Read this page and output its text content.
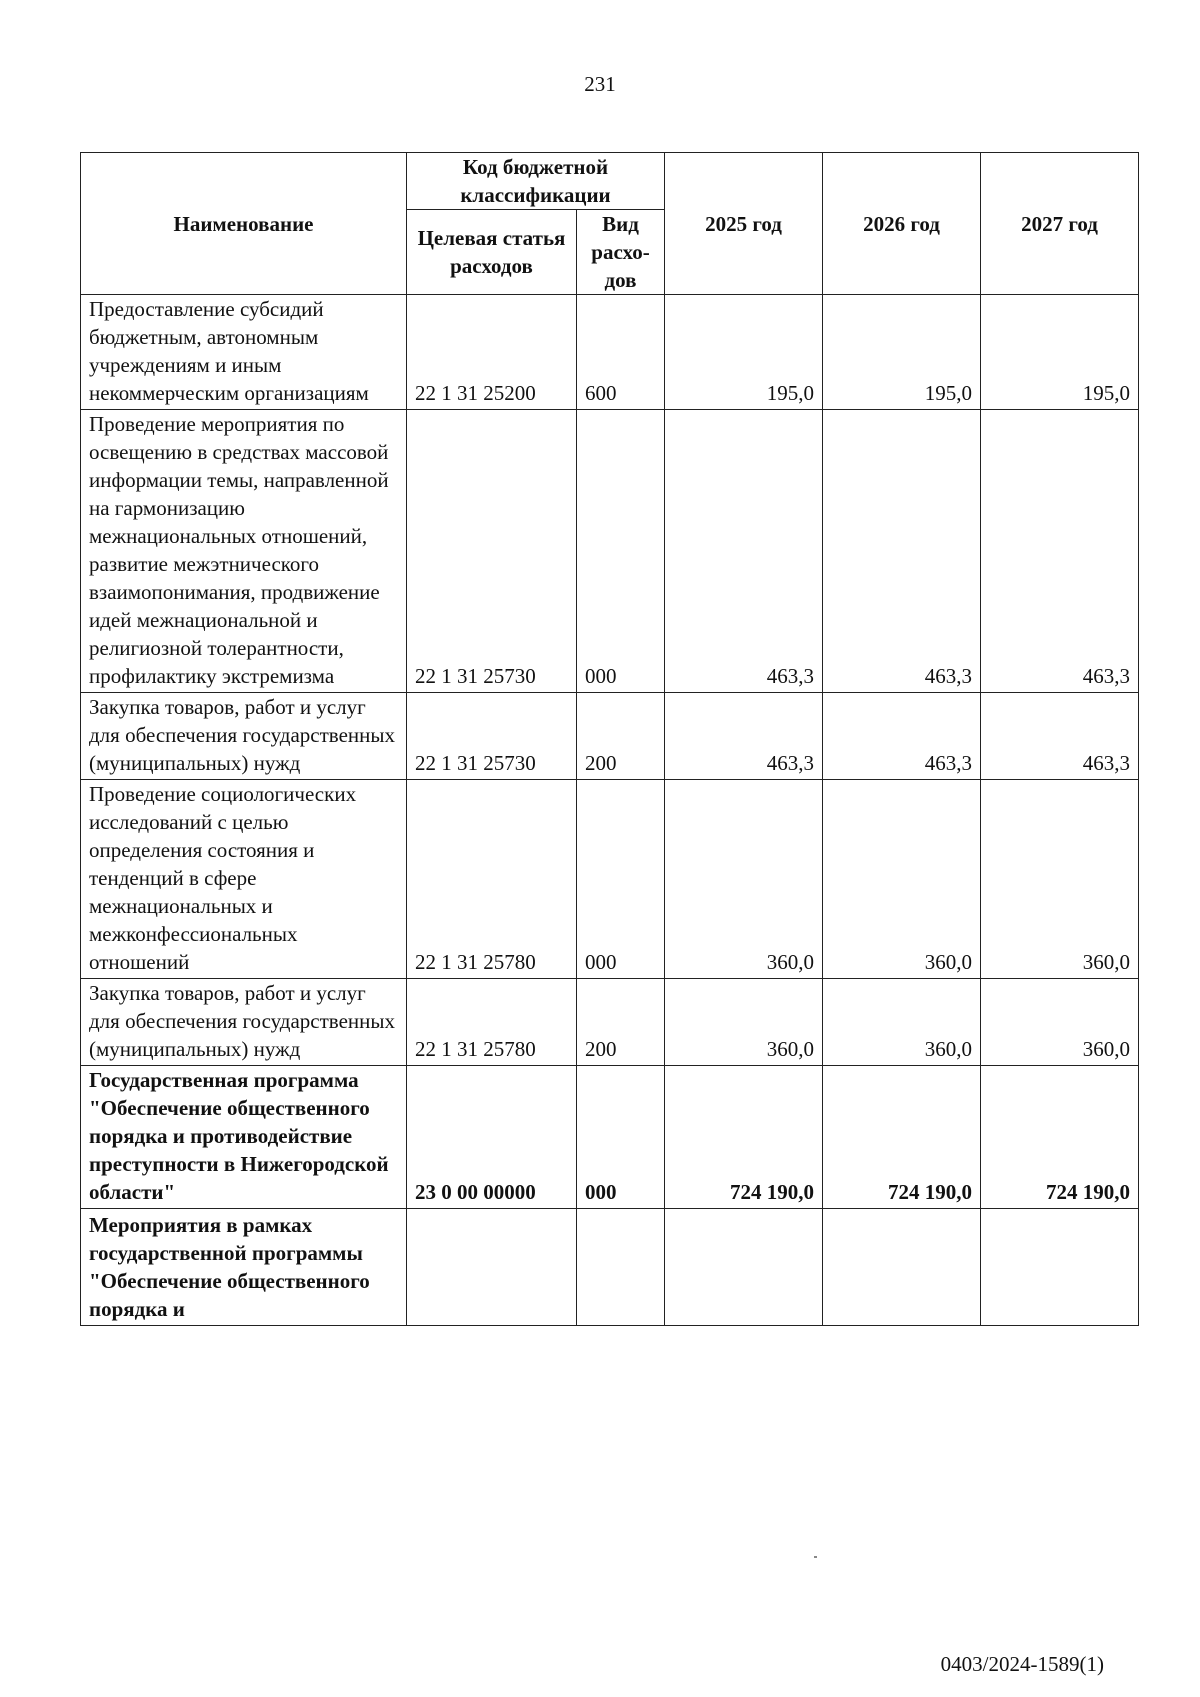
231
Наименование	Код бюджетной классификации		2025 год	2026 год	2027 год
	Целевая статья расходов	Вид расхо-дов			
Предоставление субсидий бюджетным, автономным учреждениям и иным некоммерческим организациям	22 1 31 25200	600	195,0	195,0	195,0
Проведение мероприятия по освещению в средствах массовой информации темы, направленной на гармонизацию межнациональных отношений, развитие межэтнического взаимопонимания, продвижение идей межнациональной и религиозной толерантности, профилактику экстремизма	22 1 31 25730	000	463,3	463,3	463,3
Закупка товаров, работ и услуг для обеспечения государственных (муниципальных) нужд	22 1 31 25730	200	463,3	463,3	463,3
Проведение социологических исследований с целью определения состояния и тенденций в сфере межнациональных и межконфессиональных отношений	22 1 31 25780	000	360,0	360,0	360,0
Закупка товаров, работ и услуг для обеспечения государственных (муниципальных) нужд	22 1 31 25780	200	360,0	360,0	360,0
Государственная программа "Обеспечение общественного порядка и противодействие преступности в Нижегородской области"	23 0 00 00000	000	724 190,0	724 190,0	724 190,0
Мероприятия в рамках государственной программы "Обеспечение общественного порядка и					
0403/2024-1589(1)
